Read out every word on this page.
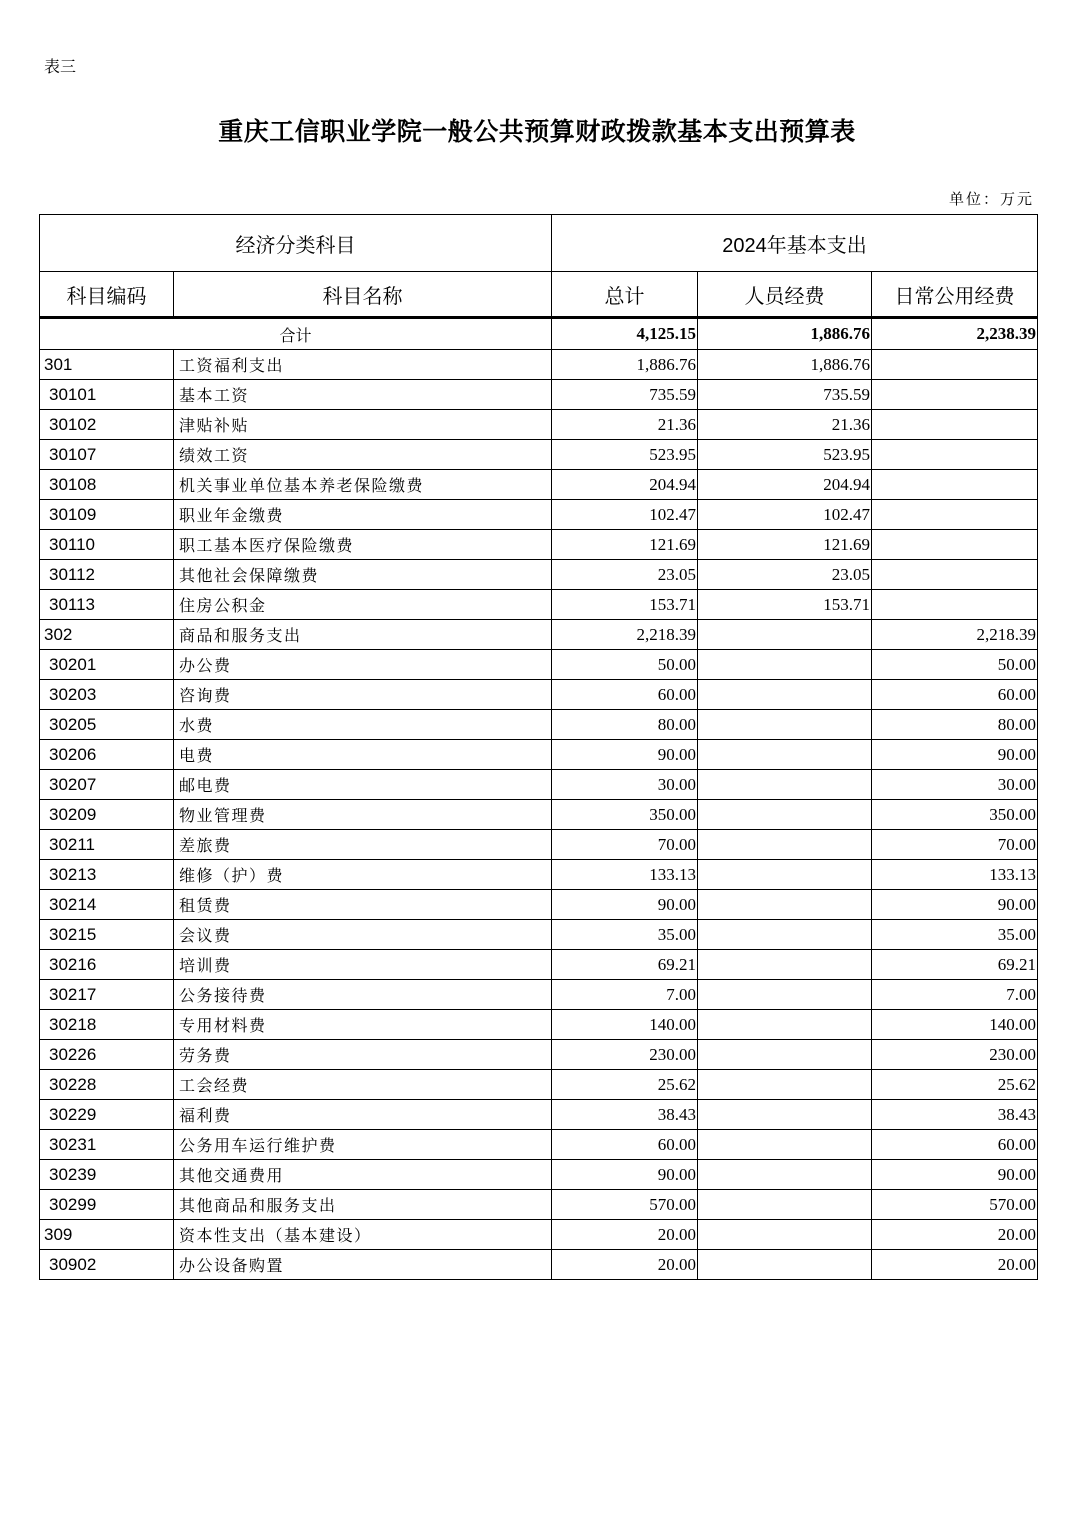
表三
重庆工信职业学院一般公共预算财政拨款基本支出预算表
单位：万元
经济分类科目		2024年基本支出		
科目编码	科目名称	总计	人员经费	日常公用经费
合计		4,125.15	1,886.76	2,238.39
301	工资福利支出	1,886.76	1,886.76	
30101	基本工资	735.59	735.59	
30102	津贴补贴	21.36	21.36	
30107	绩效工资	523.95	523.95	
30108	机关事业单位基本养老保险缴费	204.94	204.94	
30109	职业年金缴费	102.47	102.47	
30110	职工基本医疗保险缴费	121.69	121.69	
30112	其他社会保障缴费	23.05	23.05	
30113	住房公积金	153.71	153.71	
302	商品和服务支出	2,218.39		2,218.39
30201	办公费	50.00		50.00
30203	咨询费	60.00		60.00
30205	水费	80.00		80.00
30206	电费	90.00		90.00
30207	邮电费	30.00		30.00
30209	物业管理费	350.00		350.00
30211	差旅费	70.00		70.00
30213	维修（护）费	133.13		133.13
30214	租赁费	90.00		90.00
30215	会议费	35.00		35.00
30216	培训费	69.21		69.21
30217	公务接待费	7.00		7.00
30218	专用材料费	140.00		140.00
30226	劳务费	230.00		230.00
30228	工会经费	25.62		25.62
30229	福利费	38.43		38.43
30231	公务用车运行维护费	60.00		60.00
30239	其他交通费用	90.00		90.00
30299	其他商品和服务支出	570.00		570.00
309	资本性支出（基本建设）	20.00		20.00
30902	办公设备购置	20.00		20.00
